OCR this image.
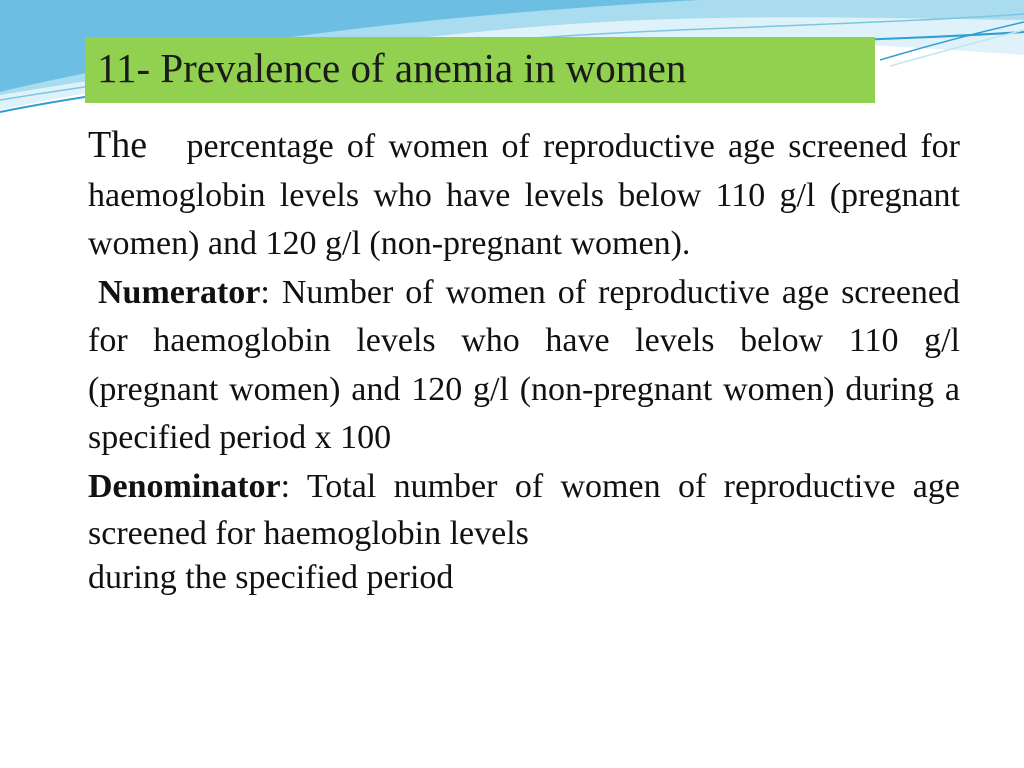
11- Prevalence of anemia in women

The percentage of women of reproductive age screened for haemoglobin levels who have levels below 110 g/l (pregnant women) and 120 g/l (non-pregnant women).

Numerator: Number of women of reproductive age screened for haemoglobin levels who have levels below 110 g/l (pregnant women) and 120 g/l (non-pregnant women) during a specified period x 100

Denominator: Total number of women of reproductive age screened for haemoglobin levels

during the specified period
